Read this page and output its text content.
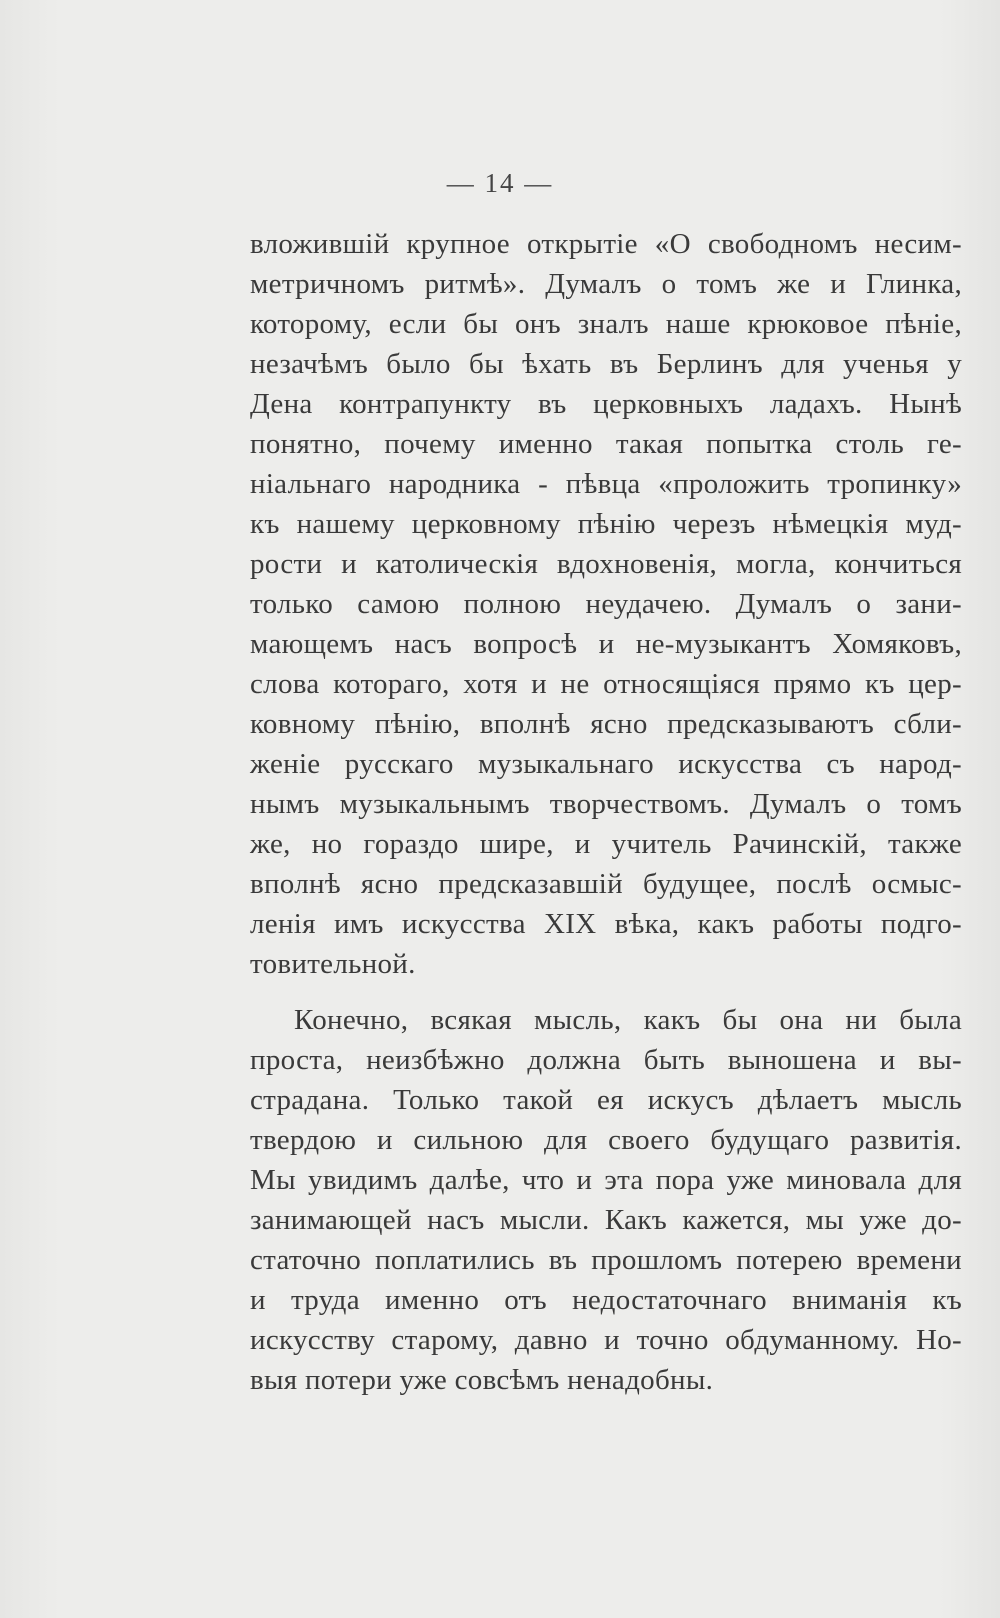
— 14 —
вложившій крупное открытіе «О свободномъ несим-
метричномъ ритмѣ». Думалъ о томъ же и Глинка,
которому, если бы онъ зналъ наше крюковое пѣніе,
незачѣмъ было бы ѣхать въ Берлинъ для ученья у
Дена контрапункту въ церковныхъ ладахъ. Нынѣ
понятно, почему именно такая попытка столь ге-
ніальнаго народника - пѣвца «проложить тропинку»
къ нашему церковному пѣнію черезъ нѣмецкія муд-
рости и католическія вдохновенія, могла, кончиться
только самою полною неудачею. Думалъ о зани-
мающемъ насъ вопросѣ и не-музыкантъ Хомяковъ,
слова котораго, хотя и не относящіяся прямо къ цер-
ковному пѣнію, вполнѣ ясно предсказываютъ сбли-
женіе русскаго музыкальнаго искусства съ народ-
нымъ музыкальнымъ творчествомъ. Думалъ о томъ
же, но гораздо шире, и учитель Рачинскій, также
вполнѣ ясно предсказавшій будущее, послѣ осмыс-
ленія имъ искусства XIX вѣка, какъ работы подго-
товительной.
Конечно, всякая мысль, какъ бы она ни была
проста, неизбѣжно должна быть выношена и вы-
страдана. Только такой ея искусъ дѣлаетъ мысль
твердою и сильною для своего будущаго развитія.
Мы увидимъ далѣе, что и эта пора уже миновала для
занимающей насъ мысли. Какъ кажется, мы уже до-
статочно поплатились въ прошломъ потерею времени
и труда именно отъ недостаточнаго вниманія къ
искусству старому, давно и точно обдуманному. Но-
выя потери уже совсѣмъ ненадобны.
